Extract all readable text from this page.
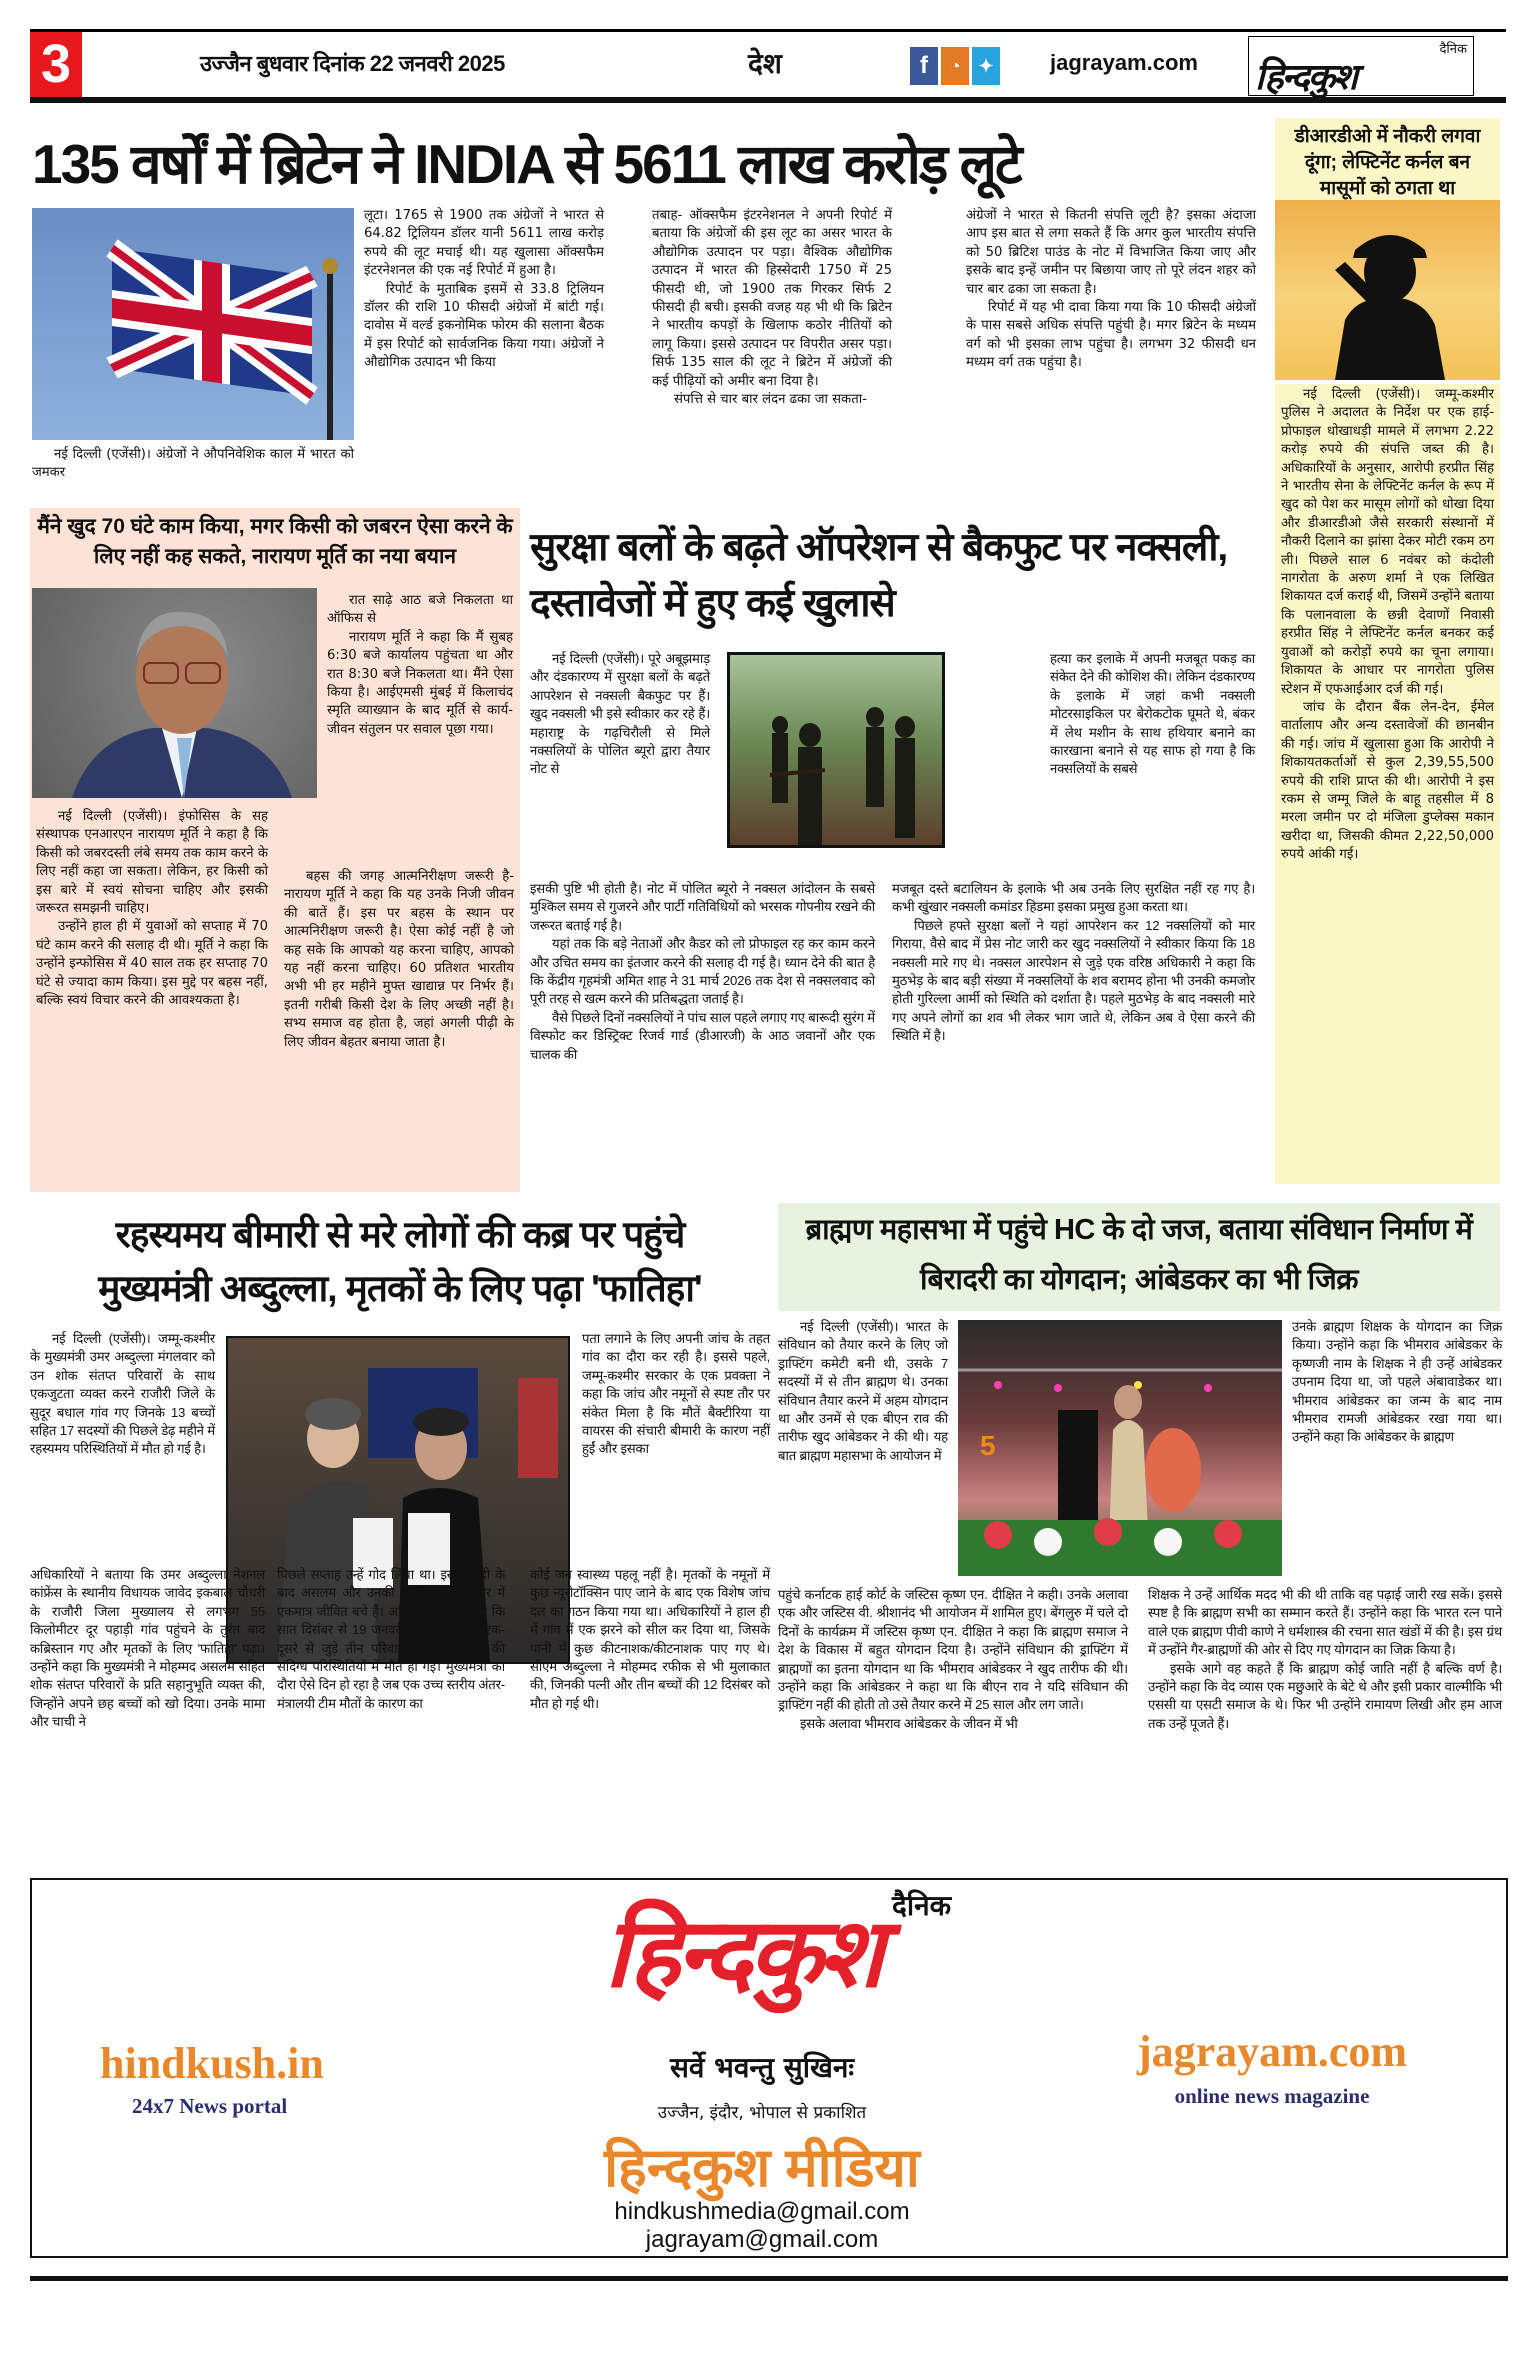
3	उज्जैन बुधवार दिनांक 22 जनवरी 2025	देश	f	◔	✦	jagrayam.com
दैनिक
हिन्दकुश
135 वर्षों में ब्रिटेन ने INDIA से 5611 लाख करोड़ लूटे

नई दिल्ली (एजेंसी)। अंग्रेजों ने औपनिवेशिक काल में भारत को जमकर

लूटा। 1765 से 1900 तक अंग्रेजों ने भारत से 64.82 ट्रिलियन डॉलर यानी 5611 लाख करोड़ रुपये की लूट मचाई थी। यह खुलासा ऑक्सफैम इंटरनेशनल की एक नई रिपोर्ट में हुआ है।

रिपोर्ट के मुताबिक इसमें से 33.8 ट्रिलियन डॉलर की राशि 10 फीसदी अंग्रेजों में बांटी गई। दावोस में वर्ल्ड इकनोमिक फोरम की सलाना बैठक में इस रिपोर्ट को सार्वजनिक किया गया। अंग्रेजों ने औद्योगिक उत्पादन भी किया

तबाह- ऑक्सफैम इंटरनेशनल ने अपनी रिपोर्ट में बताया कि अंग्रेजों की इस लूट का असर भारत के औद्योगिक उत्पादन पर पड़ा। वैश्विक औद्योगिक उत्पादन में भारत की हिस्सेदारी 1750 में 25 फीसदी थी, जो 1900 तक गिरकर सिर्फ 2 फीसदी ही बची। इसकी वजह यह भी थी कि ब्रिटेन ने भारतीय कपड़ों के खिलाफ कठोर नीतियों को लागू किया। इससे उत्पादन पर विपरीत असर पड़ा। सिर्फ 135 साल की लूट ने ब्रिटेन में अंग्रेजों की कई पीढ़ियों को अमीर बना दिया है।

संपत्ति से चार बार लंदन ढका जा सकता-

अंग्रेजों ने भारत से कितनी संपत्ति लूटी है? इसका अंदाजा आप इस बात से लगा सकते हैं कि अगर कुल भारतीय संपत्ति को 50 ब्रिटिश पाउंड के नोट में विभाजित किया जाए और इसके बाद इन्हें जमीन पर बिछाया जाए तो पूरे लंदन शहर को चार बार ढका जा सकता है।

रिपोर्ट में यह भी दावा किया गया कि 10 फीसदी अंग्रेजों के पास सबसे अधिक संपत्ति पहुंची है। मगर ब्रिटेन के मध्यम वर्ग को भी इसका लाभ पहुंचा है। लगभग 32 फीसदी धन मध्यम वर्ग तक पहुंचा है।

डीआरडीओ में नौकरी लगवा दूंगा; लेफ्टिनेंट कर्नल बन मासूमों को ठगता था

नई दिल्ली (एजेंसी)। जम्मू-कश्मीर पुलिस ने अदालत के निर्देश पर एक हाई-प्रोफाइल धोखाधड़ी मामले में लगभग 2.22 करोड़ रुपये की संपत्ति जब्त की है। अधिकारियों के अनुसार, आरोपी हरप्रीत सिंह ने भारतीय सेना के लेफ्टिनेंट कर्नल के रूप में खुद को पेश कर मासूम लोगों को धोखा दिया और डीआरडीओ जैसे सरकारी संस्थानों में नौकरी दिलाने का झांसा देकर मोटी रकम ठग ली। पिछले साल 6 नवंबर को कंदोली नागरोता के अरुण शर्मा ने एक लिखित शिकायत दर्ज कराई थी, जिसमें उन्होंने बताया कि पलानवाला के छन्नी देवाणों निवासी हरप्रीत सिंह ने लेफ्टिनेंट कर्नल बनकर कई युवाओं को करोड़ों रुपये का चूना लगाया। शिकायत के आधार पर नागरोता पुलिस स्टेशन में एफआईआर दर्ज की गई।

जांच के दौरान बैंक लेन-देन, ईमेल वार्तालाप और अन्य दस्तावेजों की छानबीन की गई। जांच में खुलासा हुआ कि आरोपी ने शिकायतकर्ताओं से कुल 2,39,55,500 रुपये की राशि प्राप्त की थी। आरोपी ने इस रकम से जम्मू जिले के बाहू तहसील में 8 मरला जमीन पर दो मंजिला डुप्लेक्स मकान खरीदा था, जिसकी कीमत 2,22,50,000 रुपये आंकी गई।

मैंने खुद 70 घंटे काम किया, मगर किसी को जबरन ऐसा करने के लिए नहीं कह सकते, नारायण मूर्ति का नया बयान

रात साढ़े आठ बजे निकलता था ऑफिस से

नारायण मूर्ति ने कहा कि मैं सुबह 6:30 बजे कार्यालय पहुंचता था और रात 8:30 बजे निकलता था। मैंने ऐसा किया है। आईएमसी मुंबई में किलाचंद स्मृति व्याख्यान के बाद मूर्ति से कार्य-जीवन संतुलन पर सवाल पूछा गया।

नई दिल्ली (एजेंसी)। इंफोसिस के सह संस्थापक एनआरएन नारायण मूर्ति ने कहा है कि किसी को जबरदस्ती लंबे समय तक काम करने के लिए नहीं कहा जा सकता। लेकिन, हर किसी को इस बारे में स्वयं सोचना चाहिए और इसकी जरूरत समझनी चाहिए।

उन्होंने हाल ही में युवाओं को सप्ताह में 70 घंटे काम करने की सलाह दी थी। मूर्ति ने कहा कि उन्होंने इन्फोसिस में 40 साल तक हर सप्ताह 70 घंटे से ज्यादा काम किया। इस मुद्दे पर बहस नहीं, बल्कि स्वयं विचार करने की आवश्यकता है।

बहस की जगह आत्मनिरीक्षण जरूरी है- नारायण मूर्ति ने कहा कि यह उनके निजी जीवन की बातें हैं। इस पर बहस के स्थान पर आत्मनिरीक्षण जरूरी है। ऐसा कोई नहीं है जो कह सके कि आपको यह करना चाहिए, आपको यह नहीं करना चाहिए। 60 प्रतिशत भारतीय अभी भी हर महीने मुफ्त खाद्यान्न पर निर्भर हैं। इतनी गरीबी किसी देश के लिए अच्छी नहीं है। सभ्य समाज वह होता है, जहां अगली पीढ़ी के लिए जीवन बेहतर बनाया जाता है।

सुरक्षा बलों के बढ़ते ऑपरेशन से बैकफुट पर नक्सली, दस्तावेजों में हुए कई खुलासे

नई दिल्ली (एजेंसी)। पूरे अबूझमाड़ और दंडकारण्य में सुरक्षा बलों के बढ़ते आपरेशन से नक्सली बैकफुट पर हैं। खुद नक्सली भी इसे स्वीकार कर रहे हैं। महाराष्ट्र के गढ़चिरौली से मिले नक्सलियों के पोलित ब्यूरो द्वारा तैयार नोट से

हत्या कर इलाके में अपनी मजबूत पकड़ का संकेत देने की कोशिश की। लेकिन दंडकारण्य के इलाके में जहां कभी नक्सली मोटरसाइकिल पर बेरोकटोक घूमते थे, बंकर में लेथ मशीन के साथ हथियार बनाने का कारखाना बनाने से यह साफ हो गया है कि नक्सलियों के सबसे
इसकी पुष्टि भी होती है। नोट में पोलित ब्यूरो ने नक्सल आंदोलन के सबसे मुश्किल समय से गुजरने और पार्टी गतिविधियों को भरसक गोपनीय रखने की जरूरत बताई गई है।

यहां तक कि बड़े नेताओं और कैडर को लो प्रोफाइल रह कर काम करने और उचित समय का इंतजार करने की सलाह दी गई है। ध्यान देने की बात है कि केंद्रीय गृहमंत्री अमित शाह ने 31 मार्च 2026 तक देश से नक्सलवाद को पूरी तरह से खत्म करने की प्रतिबद्धता जताई है।

वैसे पिछले दिनों नक्सलियों ने पांच साल पहले लगाए गए बारूदी सुरंग में विस्फोट कर डिस्ट्रिक्ट रिजर्व गार्ड (डीआरजी) के आठ जवानों और एक चालक की

मजबूत दस्ते बटालियन के इलाके भी अब उनके लिए सुरक्षित नहीं रह गए है। कभी खुंखार नक्सली कमांडर हिडमा इसका प्रमुख हुआ करता था।

पिछले हफ्ते सुरक्षा बलों ने यहां आपरेशन कर 12 नक्सलियों को मार गिराया, वैसे बाद में प्रेस नोट जारी कर खुद नक्सलियों ने स्वीकार किया कि 18 नक्सली मारे गए थे। नक्सल आरपेशन से जुड़े एक वरिष्ठ अधिकारी ने कहा कि मुठभेड़ के बाद बड़ी संख्या में नक्सलियों के शव बरामद होना भी उनकी कमजोर होती गुरिल्ला आर्मी को स्थिति को दर्शाता है। पहले मुठभेड़ के बाद नक्सली मारे गए अपने लोगों का शव भी लेकर भाग जाते थे, लेकिन अब वे ऐसा करने की स्थिति में है।

रहस्यमय बीमारी से मरे लोगों की कब्र पर पहुंचे
मुख्यमंत्री अब्दुल्ला, मृतकों के लिए पढ़ा 'फातिहा'

नई दिल्ली (एजेंसी)। जम्मू-कश्मीर के मुख्यमंत्री उमर अब्दुल्ला मंगलवार को उन शोक संतप्त परिवारों के साथ एकजुटता व्यक्त करने राजौरी जिले के सुदूर बधाल गांव गए जिनके 13 बच्चों सहित 17 सदस्यों की पिछले डेढ़ महीने में रहस्यमय परिस्थितियों में मौत हो गई है।

पता लगाने के लिए अपनी जांच के तहत गांव का दौरा कर रही है। इससे पहले, जम्मू-कश्मीर सरकार के एक प्रवक्ता ने कहा कि जांच और नमूनों से स्पष्ट तौर पर संकेत मिला है कि मौतें बैक्टीरिया या वायरस की संचारी बीमारी के कारण नहीं हुईं और इसका
अधिकारियों ने बताया कि उमर अब्दुल्ला नेशनल कांफ्रेंस के स्थानीय विधायक जावेद इकबाल चौधरी के राजौरी जिला मुख्यालय से लगभग 55 किलोमीटर दूर पहाड़ी गांव पहुंचने के तुरंत बाद कब्रिस्तान गए और मृतकों के लिए 'फातिहा' पढ़ा। उन्होंने कहा कि मुख्यमंत्री ने मोहम्मद असलम सहित शोक संतप्त परिवारों के प्रति सहानुभूति व्यक्त की, जिन्होंने अपने छह बच्चों को खो दिया। उनके मामा और चाची ने
पिछले सप्ताह उन्हें गोद लिया था। इस त्रासदी के बाद असलम और उनकी पत्नी अपने परिवार में एकमात्र जीवित बचे हैं। अधिकारियों ने बताया कि सात दिसंबर से 19 जनवरी के बीच गांव में एक-दूसरे से जुड़े तीन परिवारों के सत्रह लोगों की संदिग्ध परिस्थितियों में मौत हो गई। मुख्यमंत्री का दौरा ऐसे दिन हो रहा है जब एक उच्च स्तरीय अंतर-मंत्रालयी टीम मौतों के कारण का
कोई जन स्वास्थ्य पहलू नहीं है। मृतकों के नमूनों में कुछ न्यूरोटॉक्सिन पाए जाने के बाद एक विशेष जांच दल का गठन किया गया था। अधिकारियों ने हाल ही में गांव में एक झरने को सील कर दिया था, जिसके पानी में कुछ कीटनाशक/कीटनाशक पाए गए थे। सीएम अब्दुल्ला ने मोहम्मद रफीक से भी मुलाकात की, जिनकी पत्नी और तीन बच्चों की 12 दिसंबर को मौत हो गई थी।
ब्राह्मण महासभा में पहुंचे HC के दो जज, बताया संविधान निर्माण में बिरादरी का योगदान; आंबेडकर का भी जिक्र

नई दिल्ली (एजेंसी)। भारत के संविधान को तैयार करने के लिए जो ड्राफ्टिंग कमेटी बनी थी, उसके 7 सदस्यों में से तीन ब्राह्मण थे। उनका संविधान तैयार करने में अहम योगदान था और उनमें से एक बीएन राव की तारीफ खुद आंबेडकर ने की थी। यह बात ब्राह्मण महासभा के आयोजन में 5
उनके ब्राह्मण शिक्षक के योगदान का जिक्र किया। उन्होंने कहा कि भीमराव आंबेडकर के कृष्णजी नाम के शिक्षक ने ही उन्हें आंबेडकर उपनाम दिया था, जो पहले अंबावाडेकर था। भीमराव आंबेडकर का जन्म के बाद नाम भीमराव रामजी आंबेडकर रखा गया था। उन्होंने कहा कि आंबेडकर के ब्राह्मण
पहुंचे कर्नाटक हाई कोर्ट के जस्टिस कृष्ण एन. दीक्षित ने कही। उनके अलावा एक और जस्टिस वी. श्रीशानंद भी आयोजन में शामिल हुए। बेंगलुरु में चले दो दिनों के कार्यक्रम में जस्टिस कृष्ण एन. दीक्षित ने कहा कि ब्राह्मण समाज ने देश के विकास में बहुत योगदान दिया है। उन्होंने संविधान की ड्राफ्टिंग में ब्राह्मणों का इतना योगदान था कि भीमराव आंबेडकर ने खुद तारीफ की थी। उन्होंने कहा कि आंबेडकर ने कहा था कि बीएन राव ने यदि संविधान की ड्राफ्टिंग नहीं की होती तो उसे तैयार करने में 25 साल और लग जाते।

इसके अलावा भीमराव आंबेडकर के जीवन में भी

शिक्षक ने उन्हें आर्थिक मदद भी की थी ताकि वह पढ़ाई जारी रख सकें। इससे स्पष्ट है कि ब्राह्मण सभी का सम्मान करते हैं। उन्होंने कहा कि भारत रत्न पाने वाले एक ब्राह्मण पीवी काणे ने धर्मशास्त्र की रचना सात खंडों में की है। इस ग्रंथ में उन्होंने गैर-ब्राह्मणों की ओर से दिए गए योगदान का जिक्र किया है।

इसके आगे वह कहते हैं कि ब्राह्मण कोई जाति नहीं है बल्कि वर्ण है। उन्होंने कहा कि वेद व्यास एक मछुआरे के बेटे थे और इसी प्रकार वाल्मीकि भी एससी या एसटी समाज के थे। फिर भी उन्होंने रामायण लिखी और हम आज तक उन्हें पूजते हैं।

दैनिक
हिन्दकुश
hindkush.in
24x7 News portal
सर्वे भवन्तु सुखिनः
उज्जैन, इंदौर, भोपाल से प्रकाशित
हिन्दकुश मीडिया
jagrayam.com
online news magazine
hindkushmedia@gmail.com
jagrayam@gmail.com
